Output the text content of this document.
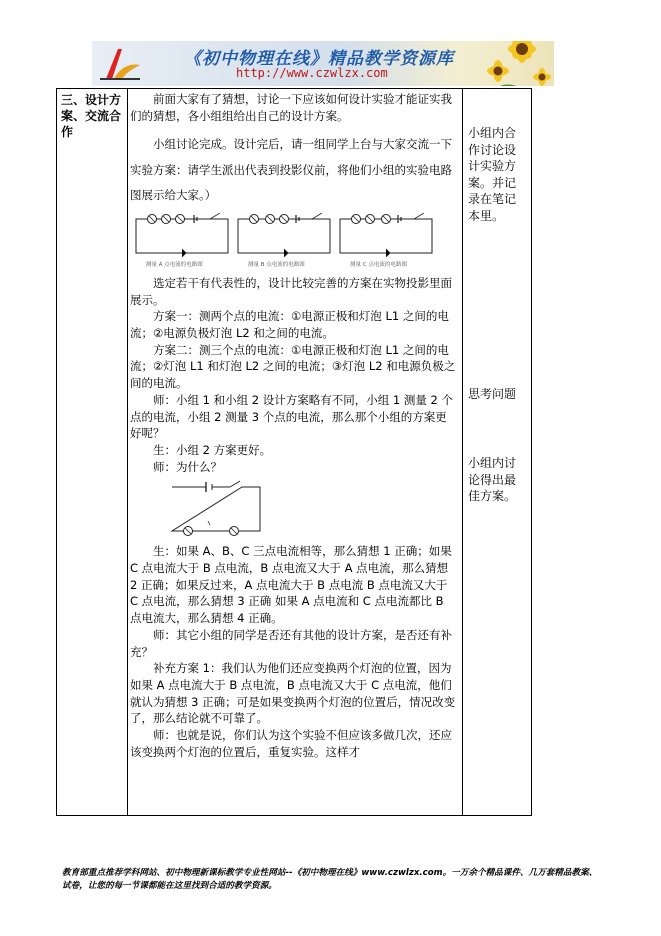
《初中物理在线》精品教学资源库
http://www.czwlzx.com
三、设计方案、交流合作

前面大家有了猜想，讨论一下应该如何设计实验才能证实我们的猜想，各小组组给出自己的设计方案。

小组讨论完成。设计完后，请一组同学上台与大家交流一下实验方案：请学生派出代表到投影仪前，将他们小组的实验电路图展示给大家。）

测量 A 点电流的电路图	测量 B 点电流的电路图	测量 C 点电流的电路图

选定若干有代表性的，设计比较完善的方案在实物投影里面展示。

方案一：测两个点的电流：①电源正极和灯泡 L1 之间的电流；②电源负极灯泡 L2 和之间的电流。

方案二：测三个点的电流：①电源正极和灯泡 L1 之间的电流；②灯泡 L1 和灯泡 L2 之间的电流；③灯泡 L2 和电源负极之间的电流。

师：小组 1 和小组 2 设计方案略有不同，小组 1 测量 2 个点的电流，小组 2 测量 3 个点的电流，那么那个小组的方案更好呢？

生：小组 2 方案更好。

师：为什么？

生：如果 A、B、C 三点电流相等，那么猜想 1 正确；如果 C 点电流大于 B 点电流，B 点电流又大于 A 点电流，那么猜想 2 正确；如果反过来，A 点电流大于 B 点电流 B 点电流又大于 C 点电流，那么猜想 3 正确 如果 A 点电流和 C 点电流都比 B 点电流大，那么猜想 4 正确。

师：其它小组的同学是否还有其他的设计方案，是否还有补充？

补充方案 1：我们认为他们还应变换两个灯泡的位置，因为如果 A 点电流大于 B 点电流，B 点电流又大于 C 点电流，他们就认为猜想 3 正确；可是如果变换两个灯泡的位置后，情况改变了，那么结论就不可靠了。

师：也就是说，你们认为这个实验不但应该多做几次，还应该变换两个灯泡的位置后，重复实验。这样才

小组内合作讨论设计实验方案。并记录在笔记本里。
思考问题
小组内讨论得出最佳方案。
教育部重点推荐学科网站、初中物理新课标教学专业性网站--《初中物理在线》www.czwlzx.com。一万余个精品课件、几万套精品教案、试卷，让您的每一节课都能在这里找到合适的教学资源。
